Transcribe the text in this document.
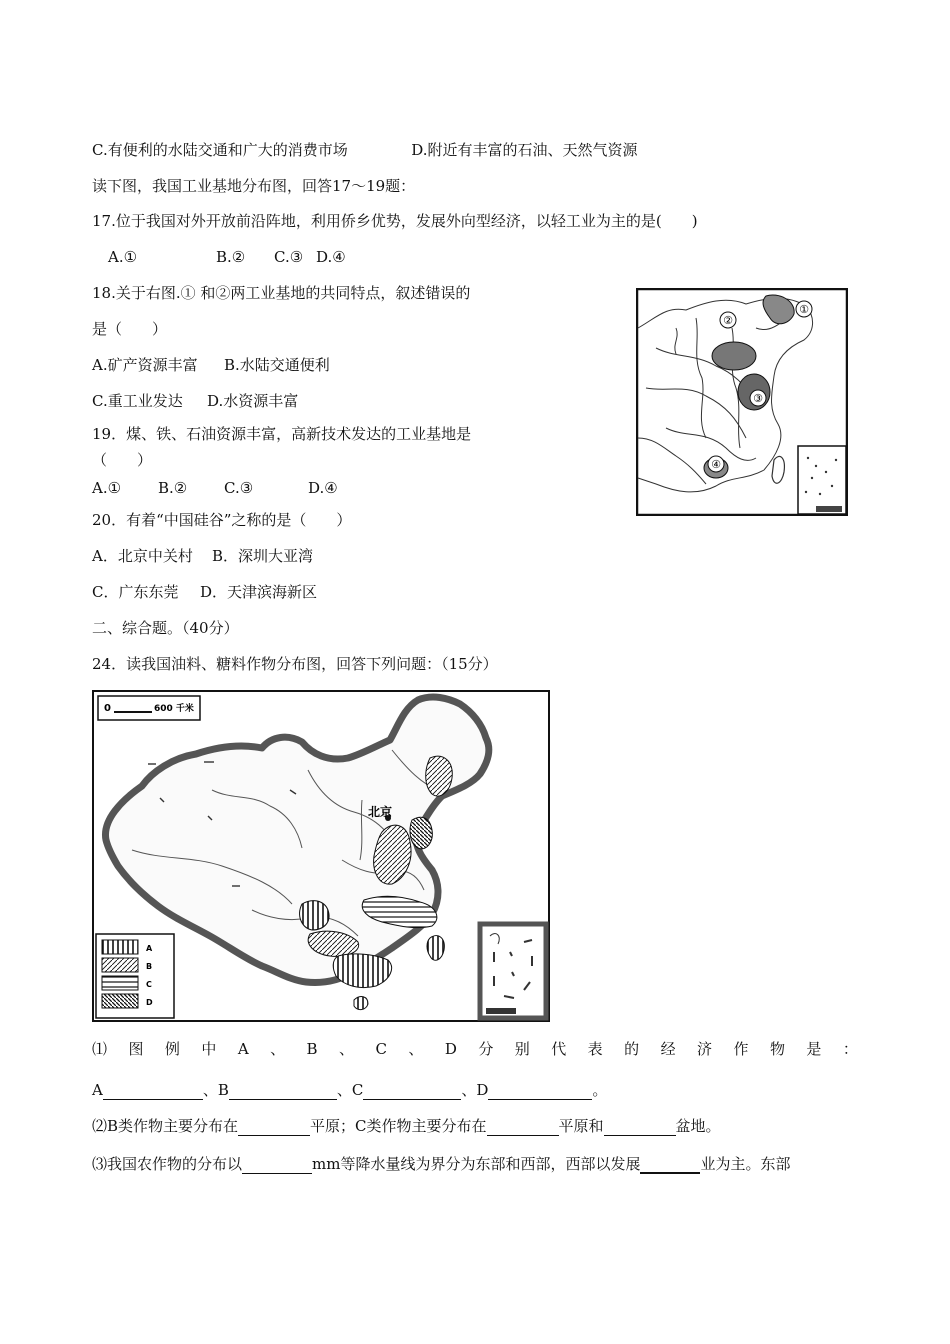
C.有便利的水陆交通和广大的消费市场	D.附近有丰富的石油、天然气资源
读下图，我国工业基地分布图，回答17～19题：
17.位于我国对外开放前沿阵地，利用侨乡优势，发展外向型经济，以轻工业为主的是(　　)
A.①	B.② C.③ D.④
18.关于右图.① 和②两工业基地的共同特点，叙述错误的
是（　　）
A.矿产资源丰富 B.水陆交通便利
C.重工业发达 D.水资源丰富
19．煤、铁、石油资源丰富，高新技术发达的工业基地是
（　　）
A.① B.② C.③	D.④
20．有着“中国硅谷”之称的是（　　）
A．北京中关村 B．深圳大亚湾
C．广东东莞 D．天津滨海新区
二、综合题。（40分）
24．读我国油料、糖料作物分布图，回答下列问题：（15分）
①
②
③
④
0	600 千米
北京
A
B
C
D
⑴ 图 例 中 A 、 B 、 C 、 D 分 别 代 表 的 经 济 作 物 是 ：
A	、B	、C	、D	。
⑵B类作物主要分布在	平原；C类作物主要分布在	平原和	盆地。
⑶我国农作物的分布以	mm等降水量线为界分为东部和西部，西部以发展	业为主。东部
